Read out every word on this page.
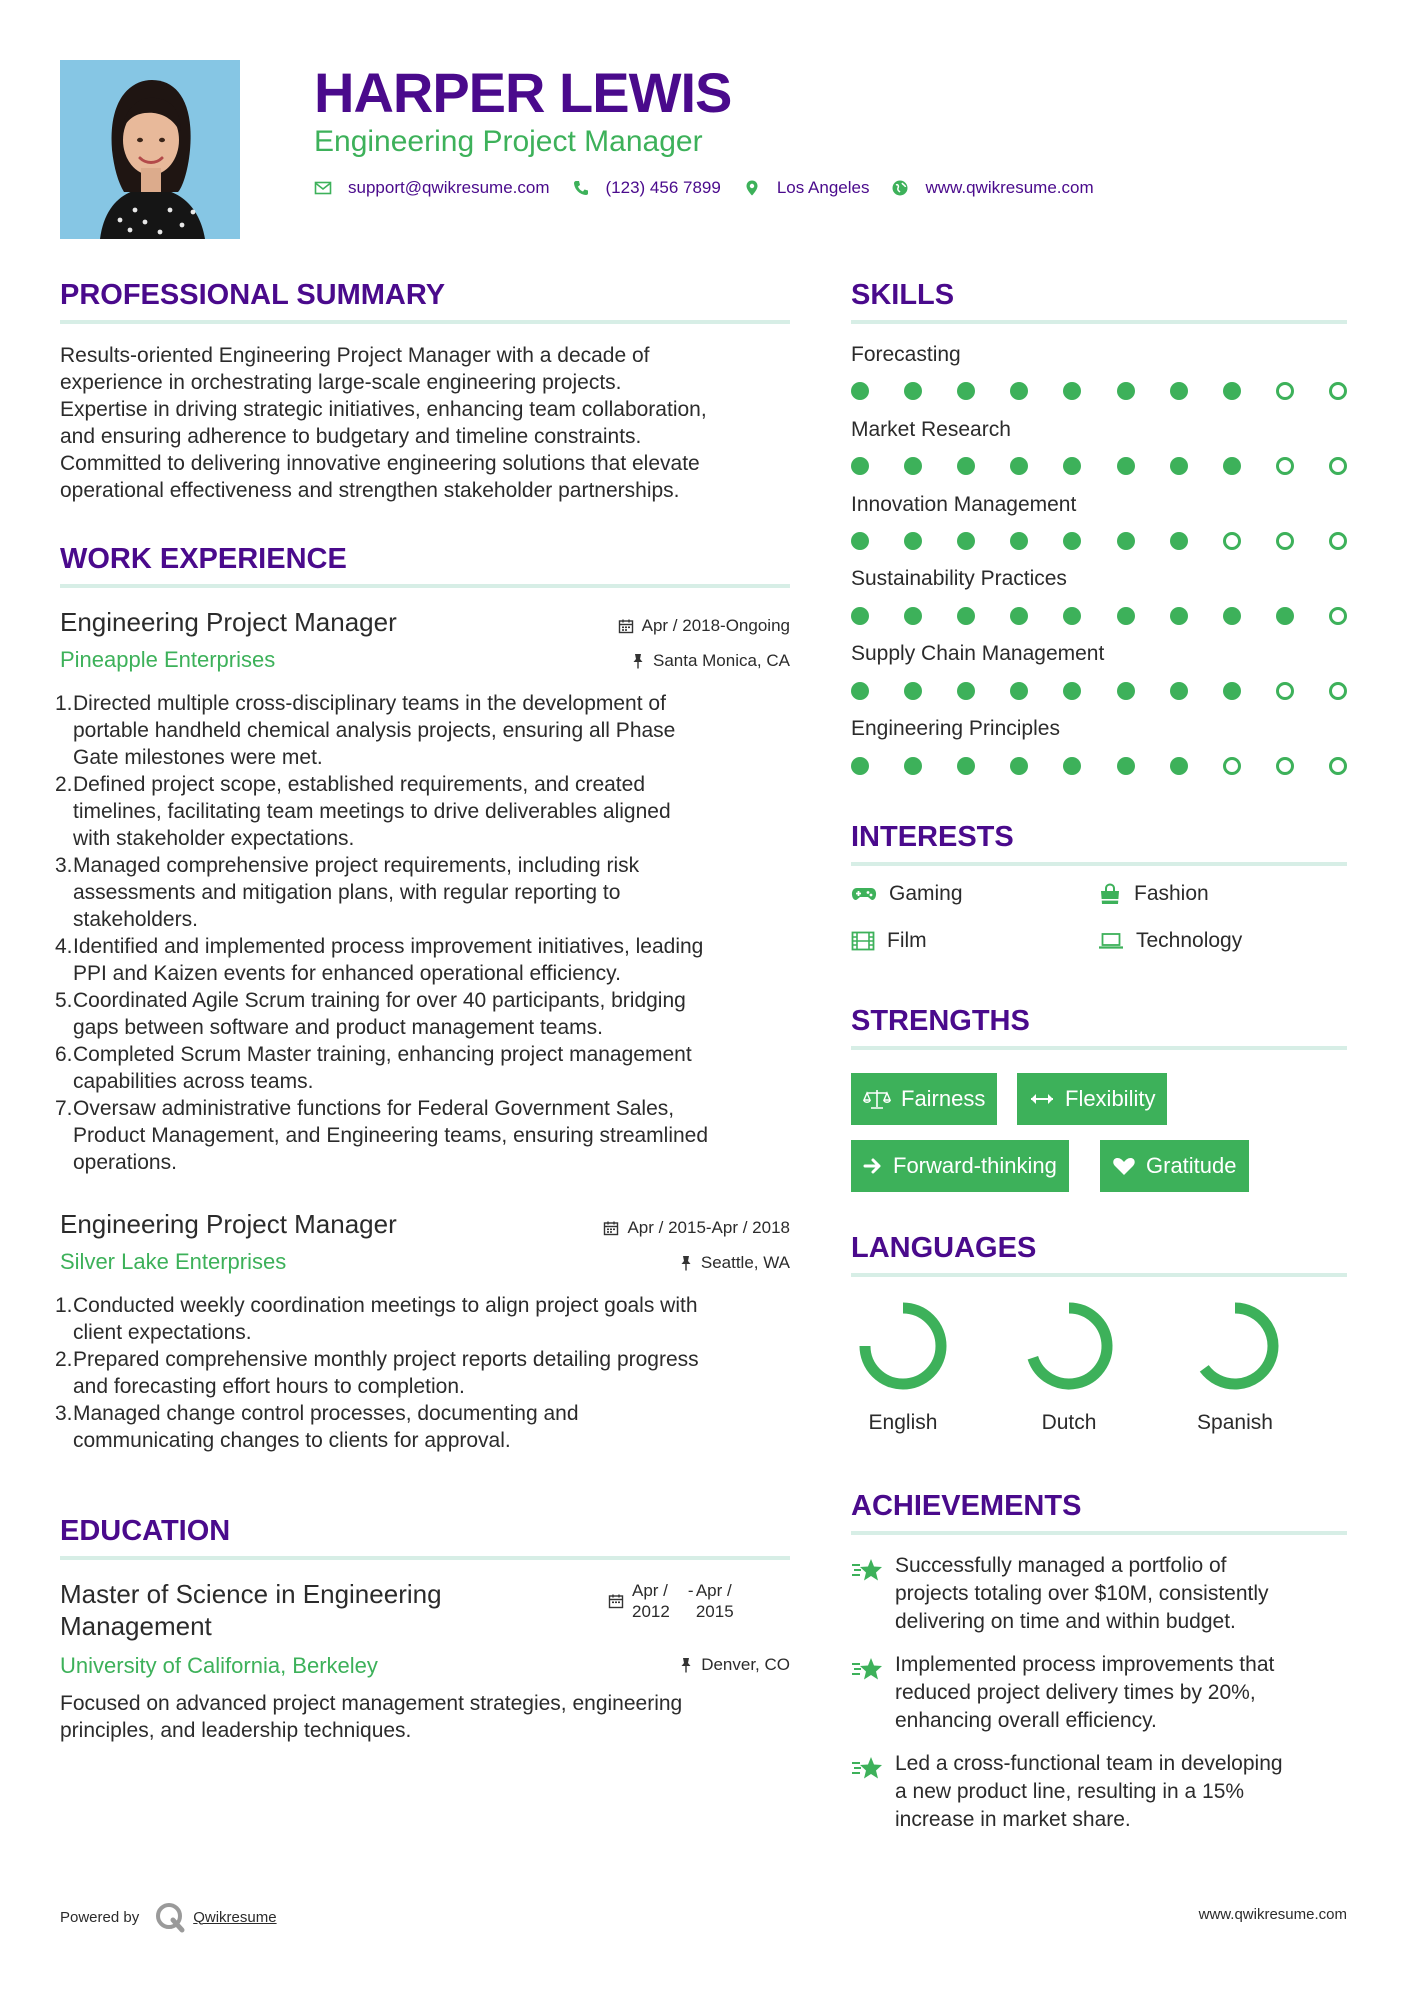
HARPER LEWIS
Engineering Project Manager
support@qwikresume.com	(123) 456 7899	Los Angeles	www.qwikresume.com
PROFESSIONAL SUMMARY
Results-oriented Engineering Project Manager with a decade of
experience in orchestrating large-scale engineering projects.
Expertise in driving strategic initiatives, enhancing team collaboration,
and ensuring adherence to budgetary and timeline constraints.
Committed to delivering innovative engineering solutions that elevate
operational effectiveness and strengthen stakeholder partnerships.
WORK EXPERIENCE
Engineering Project Manager
Pineapple Enterprises
Apr / 2018-Ongoing
Santa Monica, CA
1. Directed multiple cross-disciplinary teams in the development of
portable handheld chemical analysis projects, ensuring all Phase
Gate milestones were met.
2. Defined project scope, established requirements, and created
timelines, facilitating team meetings to drive deliverables aligned
with stakeholder expectations.
3. Managed comprehensive project requirements, including risk
assessments and mitigation plans, with regular reporting to
stakeholders.
4. Identified and implemented process improvement initiatives, leading
PPI and Kaizen events for enhanced operational efficiency.
5. Coordinated Agile Scrum training for over 40 participants, bridging
gaps between software and product management teams.
6. Completed Scrum Master training, enhancing project management
capabilities across teams.
7. Oversaw administrative functions for Federal Government Sales,
Product Management, and Engineering teams, ensuring streamlined
operations.
Engineering Project Manager
Silver Lake Enterprises
Apr / 2015-Apr / 2018
Seattle, WA
1. Conducted weekly coordination meetings to align project goals with
client expectations.
2. Prepared comprehensive monthly project reports detailing progress
and forecasting effort hours to completion.
3. Managed change control processes, documenting and
communicating changes to clients for approval.
EDUCATION
Master of Science in Engineering
Management
University of California, Berkeley
Apr /
2012
- Apr /
2015
Denver, CO
Focused on advanced project management strategies, engineering
principles, and leadership techniques.
SKILLS
Forecasting
Market Research
Innovation Management
Sustainability Practices
Supply Chain Management
Engineering Principles
INTERESTS
Gaming	Fashion
Film	Technology
STRENGTHS
Fairness	Flexibility
Forward-thinking	Gratitude
LANGUAGES
English	Dutch	Spanish
ACHIEVEMENTS
Successfully managed a portfolio of
projects totaling over $10M, consistently
delivering on time and within budget.
Implemented process improvements that
reduced project delivery times by 20%,
enhancing overall efficiency.
Led a cross-functional team in developing
a new product line, resulting in a 15%
increase in market share.
Powered by	Qwikresume	www.qwikresume.com
